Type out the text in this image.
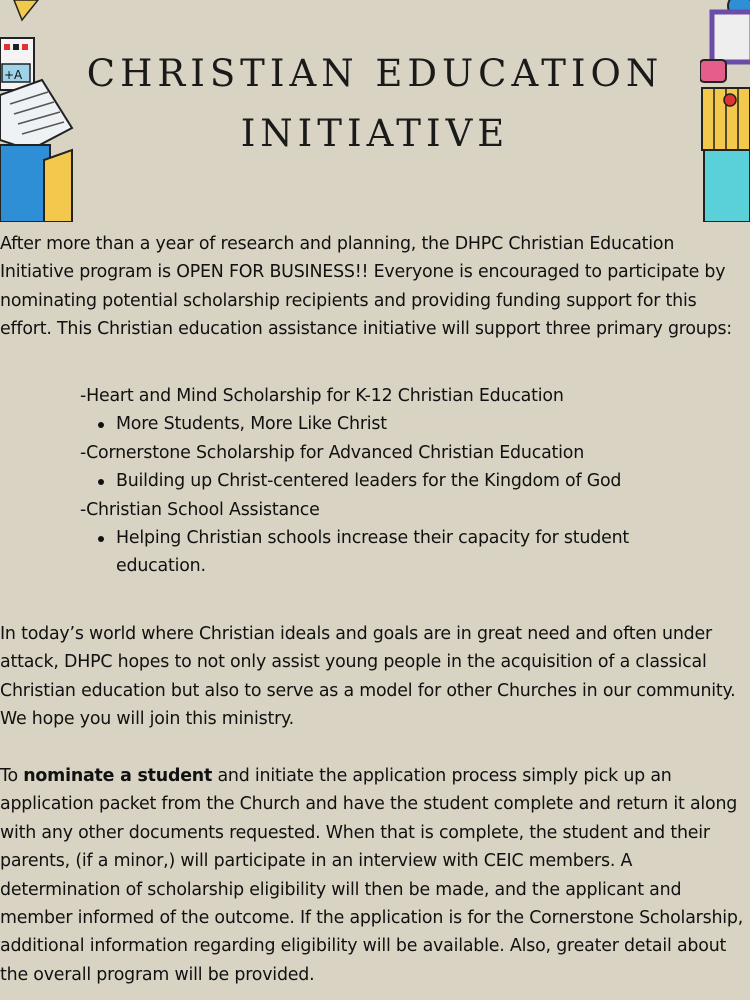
+A	CHRISTIAN EDUCATION
INITIATIVE

After more than a year of research and planning, the DHPC Christian Education Initiative program is OPEN FOR BUSINESS!! Everyone is encouraged to participate by nominating potential scholarship recipients and providing funding support for this effort. This Christian education assistance initiative will support three primary groups:

-Heart and Mind Scholarship for K-12 Christian Education

More Students, More Like Christ

-Cornerstone Scholarship for Advanced Christian Education

Building up Christ-centered leaders for the Kingdom of God

-Christian School Assistance

Helping Christian schools increase their capacity for student education.

In today’s world where Christian ideals and goals are in great need and often under attack, DHPC hopes to not only assist young people in the acquisition of a classical Christian education but also to serve as a model for other Churches in our community. We hope you will join this ministry.

To nominate a student and initiate the application process simply pick up an application packet from the Church and have the student complete and return it along with any other documents requested. When that is complete, the student and their parents, (if a minor,) will participate in an interview with CEIC members. A determination of scholarship eligibility will then be made, and the applicant and member informed of the outcome. If the application is for the Cornerstone Scholarship, additional information regarding eligibility will be available. Also, greater detail about the overall program will be provided.
